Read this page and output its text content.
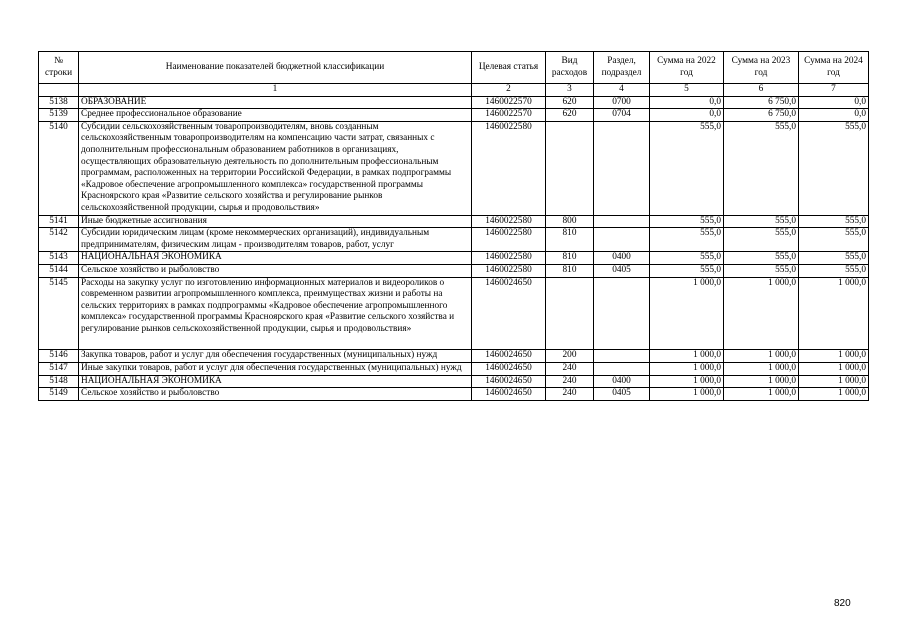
№ строки	Наименование показателей бюджетной классификации	Целевая статья	Вид расходов	Раздел, подраздел	Сумма на 2022 год	Сумма на 2023 год	Сумма на 2024 год
	1	2	3	4	5	6	7
5138	ОБРАЗОВАНИЕ	1460022570	620	0700	0,0	6 750,0	0,0
5139	Среднее профессиональное образование	1460022570	620	0704	0,0	6 750,0	0,0
5140	Субсидии сельскохозяйственным товаропроизводителям, вновь созданным сельскохозяйственным товаропроизводителям на компенсацию части затрат, связанных с дополнительным профессиональным образованием работников в организациях, осуществляющих образовательную деятельность по дополнительным профессиональным программам, расположенных на территории Российской Федерации, в рамках подпрограммы «Кадровое обеспечение агропромышленного комплекса» государственной программы Красноярского края «Развитие сельского хозяйства и регулирование рынков сельскохозяйственной продукции, сырья и продовольствия»	1460022580			555,0	555,0	555,0
5141	Иные бюджетные ассигнования	1460022580	800		555,0	555,0	555,0
5142	Субсидии юридическим лицам (кроме некоммерческих организаций), индивидуальным предпринимателям, физическим лицам - производителям товаров, работ, услуг	1460022580	810		555,0	555,0	555,0
5143	НАЦИОНАЛЬНАЯ ЭКОНОМИКА	1460022580	810	0400	555,0	555,0	555,0
5144	Сельское хозяйство и рыболовство	1460022580	810	0405	555,0	555,0	555,0
5145	Расходы на закупку услуг по изготовлению информационных материалов и видеороликов о современном развитии агропромышленного комплекса, преимуществах жизни и работы на сельских территориях в рамках подпрограммы «Кадровое обеспечение агропромышленного комплекса» государственной программы Красноярского края «Развитие сельского хозяйства и регулирование рынков сельскохозяйственной продукции, сырья и продовольствия»	1460024650			1 000,0	1 000,0	1 000,0
5146	Закупка товаров, работ и услуг для обеспечения государственных (муниципальных) нужд	1460024650	200		1 000,0	1 000,0	1 000,0
5147	Иные закупки товаров, работ и услуг для обеспечения государственных (муниципальных) нужд	1460024650	240		1 000,0	1 000,0	1 000,0
5148	НАЦИОНАЛЬНАЯ ЭКОНОМИКА	1460024650	240	0400	1 000,0	1 000,0	1 000,0
5149	Сельское хозяйство и рыболовство	1460024650	240	0405	1 000,0	1 000,0	1 000,0
820
